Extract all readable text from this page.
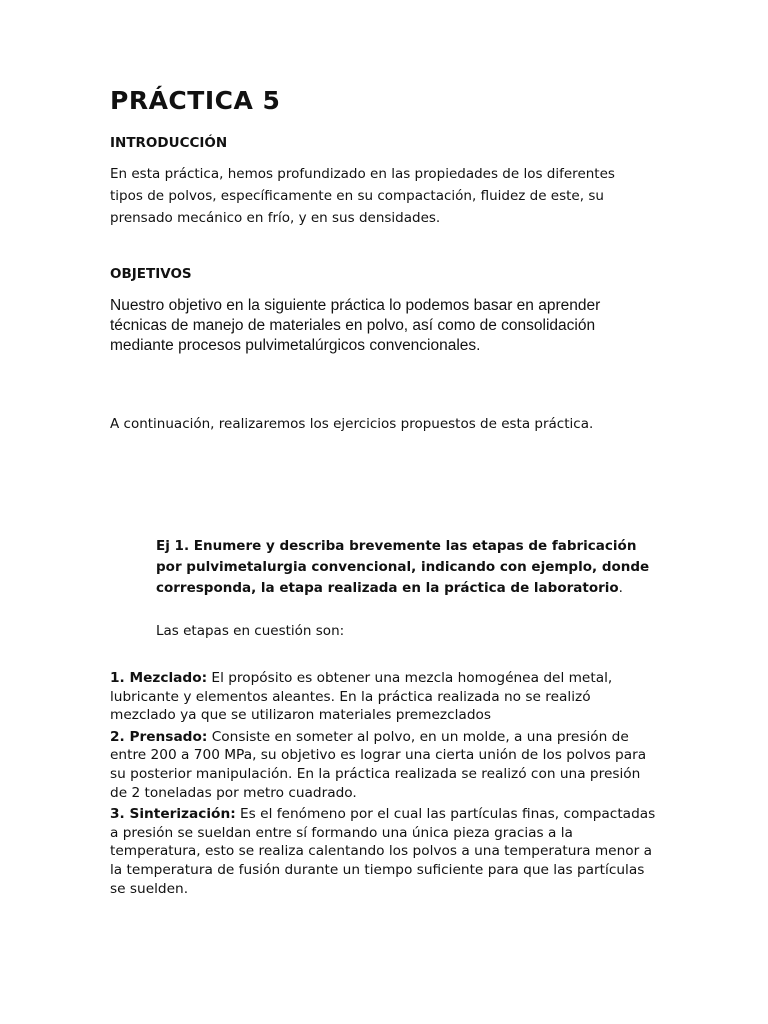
PRÁCTICA 5
INTRODUCCIÓN

En esta práctica, hemos profundizado en las propiedades de los diferentes tipos de polvos, específicamente en su compactación, fluidez de este, su prensado mecánico en frío, y en sus densidades.

OBJETIVOS

Nuestro objetivo en la siguiente práctica lo podemos basar en aprender técnicas de manejo de materiales en polvo, así como de consolidación mediante procesos pulvimetalúrgicos convencionales.

A continuación, realizaremos los ejercicios propuestos de esta práctica.

Ej 1. Enumere y describa brevemente las etapas de fabricación por pulvimetalurgia convencional, indicando con ejemplo, donde corresponda, la etapa realizada en la práctica de laboratorio.

Las etapas en cuestión son:

1. Mezclado: El propósito es obtener una mezcla homogénea del metal, lubricante y elementos aleantes. En la práctica realizada no se realizó mezclado ya que se utilizaron materiales premezclados

2. Prensado: Consiste en someter al polvo, en un molde, a una presión de entre 200 a 700 MPa, su objetivo es lograr una cierta unión de los polvos para su posterior manipulación. En la práctica realizada se realizó con una presión de 2 toneladas por metro cuadrado.

3. Sinterización: Es el fenómeno por el cual las partículas finas, compactadas a presión se sueldan entre sí formando una única pieza gracias a la temperatura, esto se realiza calentando los polvos a una temperatura menor a la temperatura de fusión durante un tiempo suficiente para que las partículas se suelden.
